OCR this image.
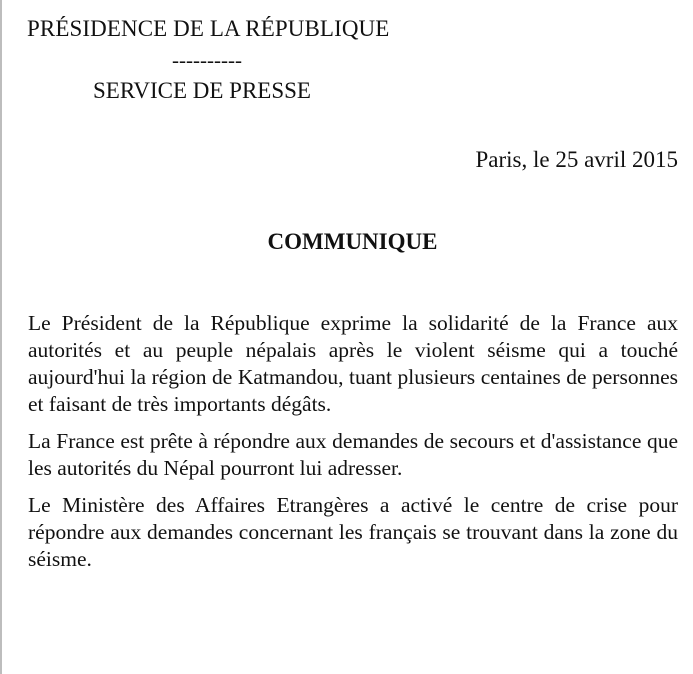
PRÉSIDENCE DE LA RÉPUBLIQUE
----------
SERVICE DE PRESSE
Paris, le 25 avril 2015
COMMUNIQUE

Le Président de la République exprime la solidarité de la France aux autorités et au peuple népalais après le violent séisme qui a touché aujourd'hui la région de Katmandou, tuant plusieurs centaines de personnes et faisant de très importants dégâts.

La France est prête à répondre aux demandes de secours et d'assistance que les autorités du Népal pourront lui adresser.

Le Ministère des Affaires Etrangères a activé le centre de crise pour répondre aux demandes concernant les français se trouvant dans la zone du séisme.
